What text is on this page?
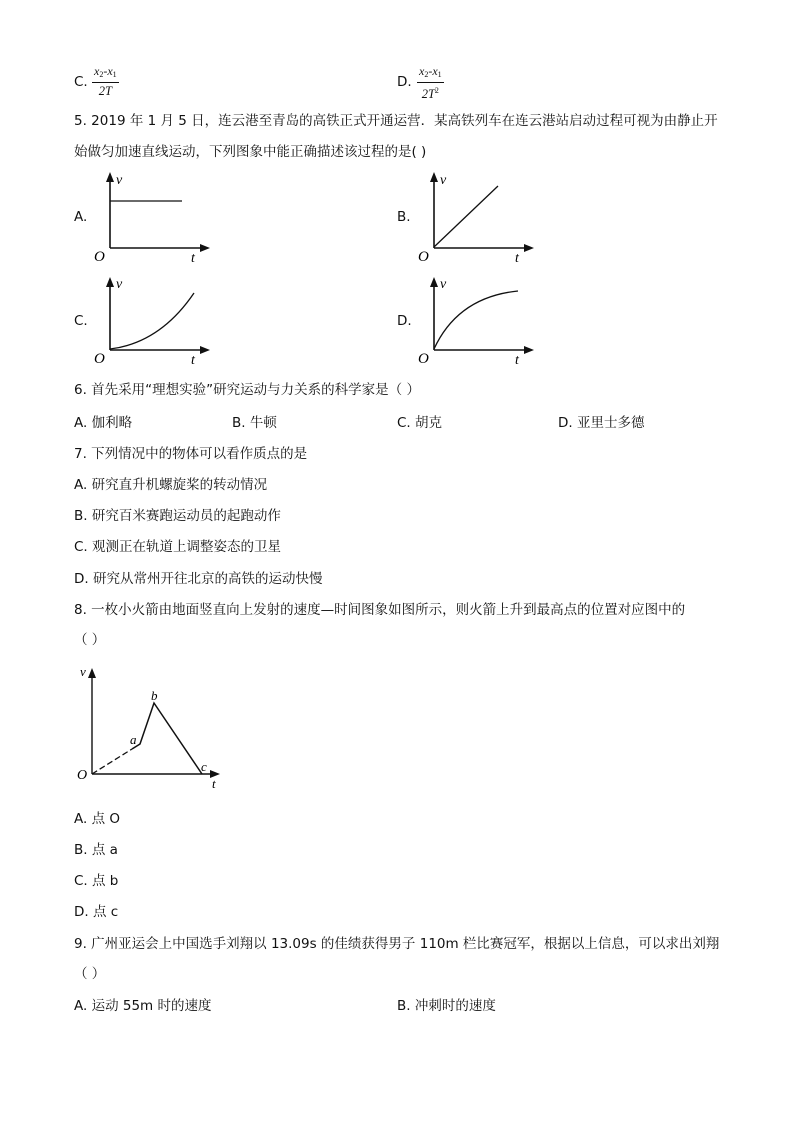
C. $\frac{x_2-x_1}{2T}$	D. $\frac{x_2-x_1}{2T^2}$
5. 2019 年 1 月 5 日，连云港至青岛的高铁正式开通运营．某高铁列车在连云港站启动过程可视为由静止开
始做匀加速直线运动，下列图象中能正确描述该过程的是( )
A.
v
t
O
B.
v
t
O
C.
v
t
O
D.
v
t
O
6. 首先采用“理想实验”研究运动与力关系的科学家是（ ）
A. 伽利略	B. 牛顿	C. 胡克	D. 亚里士多德
7. 下列情况中的物体可以看作质点的是
A. 研究直升机螺旋桨的转动情况
B. 研究百米赛跑运动员的起跑动作
C. 观测正在轨道上调整姿态的卫星
D. 研究从常州开往北京的高铁的运动快慢
8. 一枚小火箭由地面竖直向上发射的速度—时间图象如图所示，则火箭上升到最高点的位置对应图中的
（ ）
v
t
O
a
b
c
A. 点 O
B. 点 a
C. 点 b
D. 点 c
9. 广州亚运会上中国选手刘翔以 13.09s 的佳绩获得男子 110m 栏比赛冠军，根据以上信息，可以求出刘翔
（ ）
A. 运动 55m 时的速度	B. 冲刺时的速度
